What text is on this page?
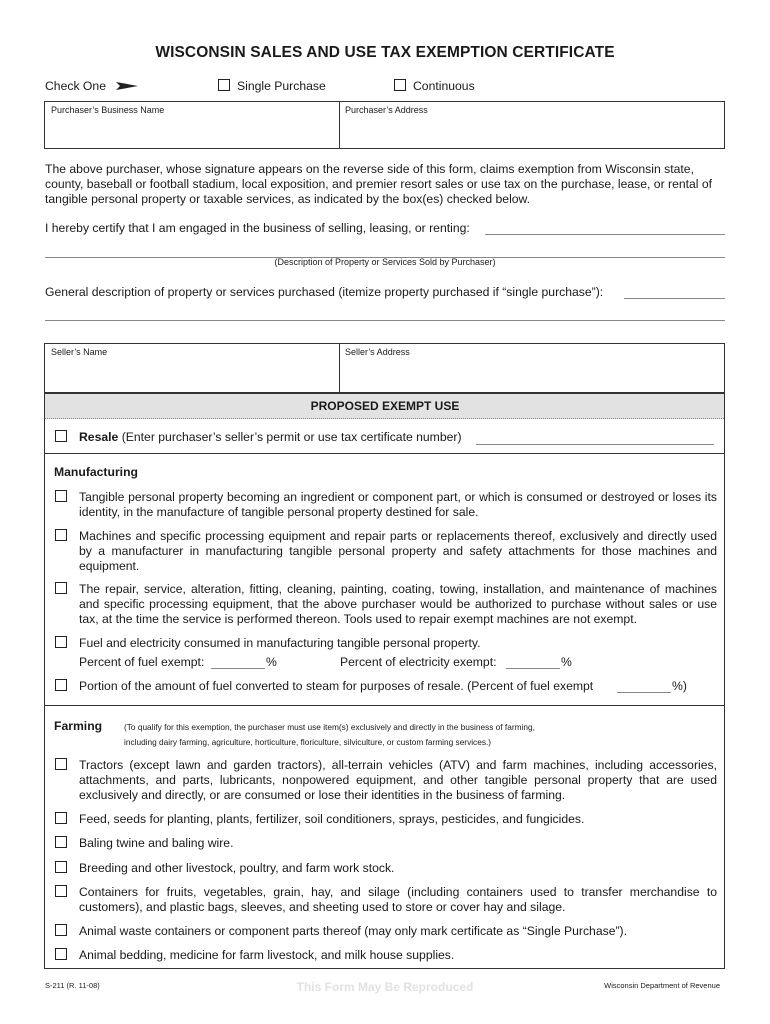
WISCONSIN SALES AND USE TAX EXEMPTION CERTIFICATE
Check One	Single Purchase	Continuous
Purchaser’s Business Name	Purchaser’s Address
The above purchaser, whose signature appears on the reverse side of this form, claims exemption from Wisconsin state, county, baseball or football stadium, local exposition, and premier resort sales or use tax on the purchase, lease, or rental of tangible personal property or taxable services, as indicated by the box(es) checked below.
I hereby certify that I am engaged in the business of selling, leasing, or renting:
(Description of Property or Services Sold by Purchaser)
General description of property or services purchased (itemize property purchased if “single purchase”):
Seller’s Name	Seller’s Address
PROPOSED EXEMPT USE
Resale (Enter purchaser’s seller’s permit or use tax certificate number)
Manufacturing
Tangible personal property becoming an ingredient or component part, or which is consumed or destroyed or loses its identity, in the manufacture of tangible personal property destined for sale.
Machines and specific processing equipment and repair parts or replacements thereof, exclusively and directly used by a manufacturer in manufacturing tangible personal property and safety attachments for those machines and equipment.
The repair, service, alteration, fitting, cleaning, painting, coating, towing, installation, and maintenance of machines and specific processing equipment, that the above purchaser would be authorized to purchase without sales or use tax, at the time the service is performed thereon. Tools used to repair exempt machines are not exempt.
Fuel and electricity consumed in manufacturing tangible personal property.
Percent of fuel exempt:	%	Percent of electricity exempt:	%
Portion of the amount of fuel converted to steam for purposes of resale. (Percent of fuel exempt	%)
Farming	(To qualify for this exemption, the purchaser must use item(s) exclusively and directly in the business of farming,
including dairy farming, agriculture, horticulture, floriculture, silviculture, or custom farming services.)
Tractors (except lawn and garden tractors), all-terrain vehicles (ATV) and farm machines, including accessories, attachments, and parts, lubricants, nonpowered equipment, and other tangible personal property that are used exclusively and directly, or are consumed or lose their identities in the business of farming.
Feed, seeds for planting, plants, fertilizer, soil conditioners, sprays, pesticides, and fungicides.
Baling twine and baling wire.
Breeding and other livestock, poultry, and farm work stock.
Containers for fruits, vegetables, grain, hay, and silage (including containers used to transfer merchandise to customers), and plastic bags, sleeves, and sheeting used to store or cover hay and silage.
Animal waste containers or component parts thereof (may only mark certificate as “Single Purchase”).
Animal bedding, medicine for farm livestock, and milk house supplies.
S-211 (R. 11-08)	This Form May Be Reproduced	Wisconsin Department of Revenue
